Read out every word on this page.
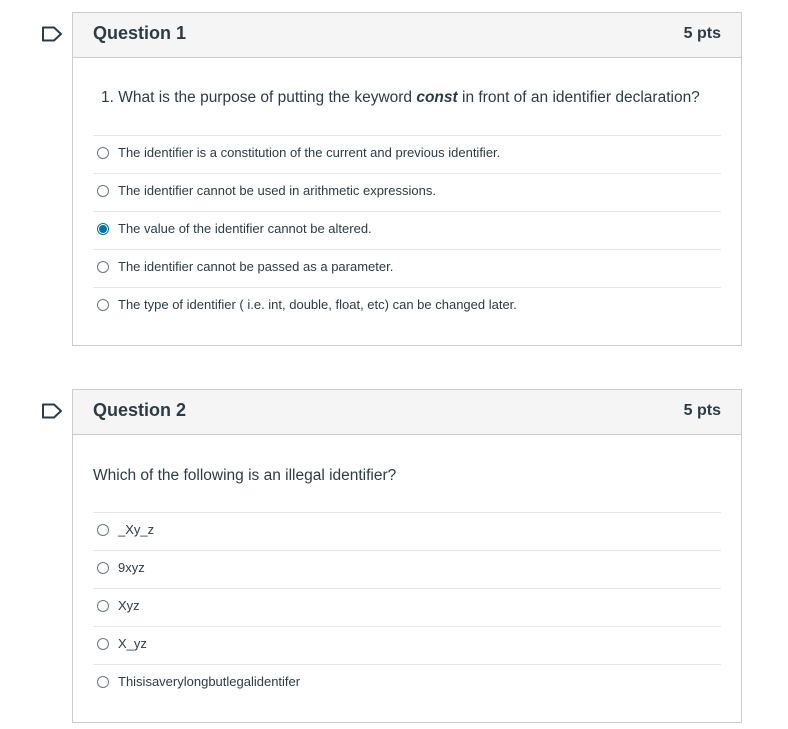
Question 1	5 pts
1. What is the purpose of putting the keyword const in front of an identifier declaration?
The identifier is a constitution of the current and previous identifier.
The identifier cannot be used in arithmetic expressions.
The value of the identifier cannot be altered.
The identifier cannot be passed as a parameter.
The type of identifier ( i.e. int, double, float, etc) can be changed later.
Question 2	5 pts
Which of the following is an illegal identifier?
_Xy_z
9xyz
Xyz
X_yz
Thisisaverylongbutlegalidentifer
